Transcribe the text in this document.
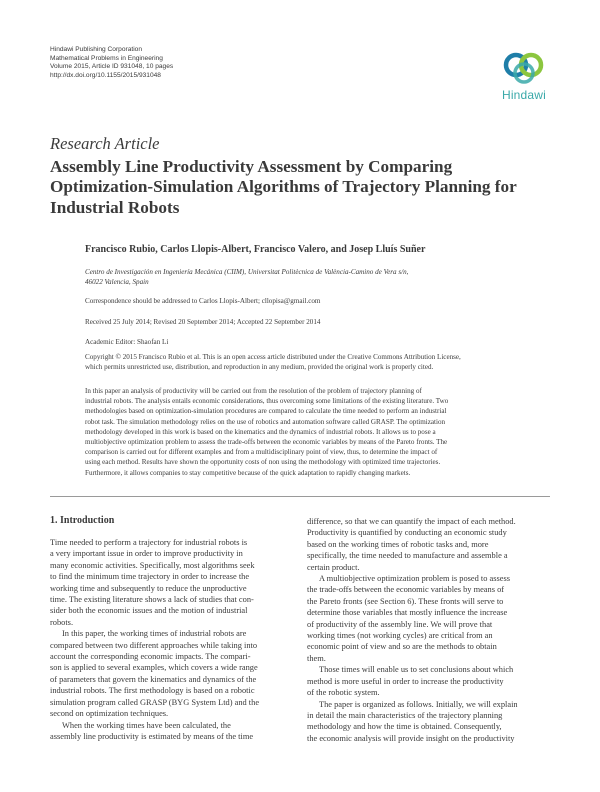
Hindawi Publishing Corporation
Mathematical Problems in Engineering
Volume 2015, Article ID 931048, 10 pages
http://dx.doi.org/10.1155/2015/931048
Hindawi
Research Article
Assembly Line Productivity Assessment by Comparing
Optimization-Simulation Algorithms of Trajectory Planning for
Industrial Robots
Francisco Rubio, Carlos Llopis-Albert, Francisco Valero, and Josep Lluís Suñer
Centro de Investigación en Ingeniería Mecánica (CIIM), Universitat Politècnica de València-Camino de Vera s/n,
46022 Valencia, Spain
Correspondence should be addressed to Carlos Llopis-Albert; cllopisa@gmail.com
Received 25 July 2014; Revised 20 September 2014; Accepted 22 September 2014
Academic Editor: Shaofan Li
Copyright © 2015 Francisco Rubio et al. This is an open access article distributed under the Creative Commons Attribution License,
which permits unrestricted use, distribution, and reproduction in any medium, provided the original work is properly cited.
In this paper an analysis of productivity will be carried out from the resolution of the problem of trajectory planning of
industrial robots. The analysis entails economic considerations, thus overcoming some limitations of the existing literature. Two
methodologies based on optimization-simulation procedures are compared to calculate the time needed to perform an industrial
robot task. The simulation methodology relies on the use of robotics and automation software called GRASP. The optimization
methodology developed in this work is based on the kinematics and the dynamics of industrial robots. It allows us to pose a
multiobjective optimization problem to assess the trade-offs between the economic variables by means of the Pareto fronts. The
comparison is carried out for different examples and from a multidisciplinary point of view, thus, to determine the impact of
using each method. Results have shown the opportunity costs of non using the methodology with optimized time trajectories.
Furthermore, it allows companies to stay competitive because of the quick adaptation to rapidly changing markets.
1. Introduction
Time needed to perform a trajectory for industrial robots is
a very important issue in order to improve productivity in
many economic activities. Specifically, most algorithms seek
to find the minimum time trajectory in order to increase the
working time and subsequently to reduce the unproductive
time. The existing literature shows a lack of studies that con-
sider both the economic issues and the motion of industrial
robots.
In this paper, the working times of industrial robots are
compared between two different approaches while taking into
account the corresponding economic impacts. The compari-
son is applied to several examples, which covers a wide range
of parameters that govern the kinematics and dynamics of the
industrial robots. The first methodology is based on a robotic
simulation program called GRASP (BYG System Ltd) and the
second on optimization techniques.
When the working times have been calculated, the
assembly line productivity is estimated by means of the time
difference, so that we can quantify the impact of each method.
Productivity is quantified by conducting an economic study
based on the working times of robotic tasks and, more
specifically, the time needed to manufacture and assemble a
certain product.
A multiobjective optimization problem is posed to assess
the trade-offs between the economic variables by means of
the Pareto fronts (see Section 6). These fronts will serve to
determine those variables that mostly influence the increase
of productivity of the assembly line. We will prove that
working times (not working cycles) are critical from an
economic point of view and so are the methods to obtain
them.
Those times will enable us to set conclusions about which
method is more useful in order to increase the productivity
of the robotic system.
The paper is organized as follows. Initially, we will explain
in detail the main characteristics of the trajectory planning
methodology and how the time is obtained. Consequently,
the economic analysis will provide insight on the productivity
